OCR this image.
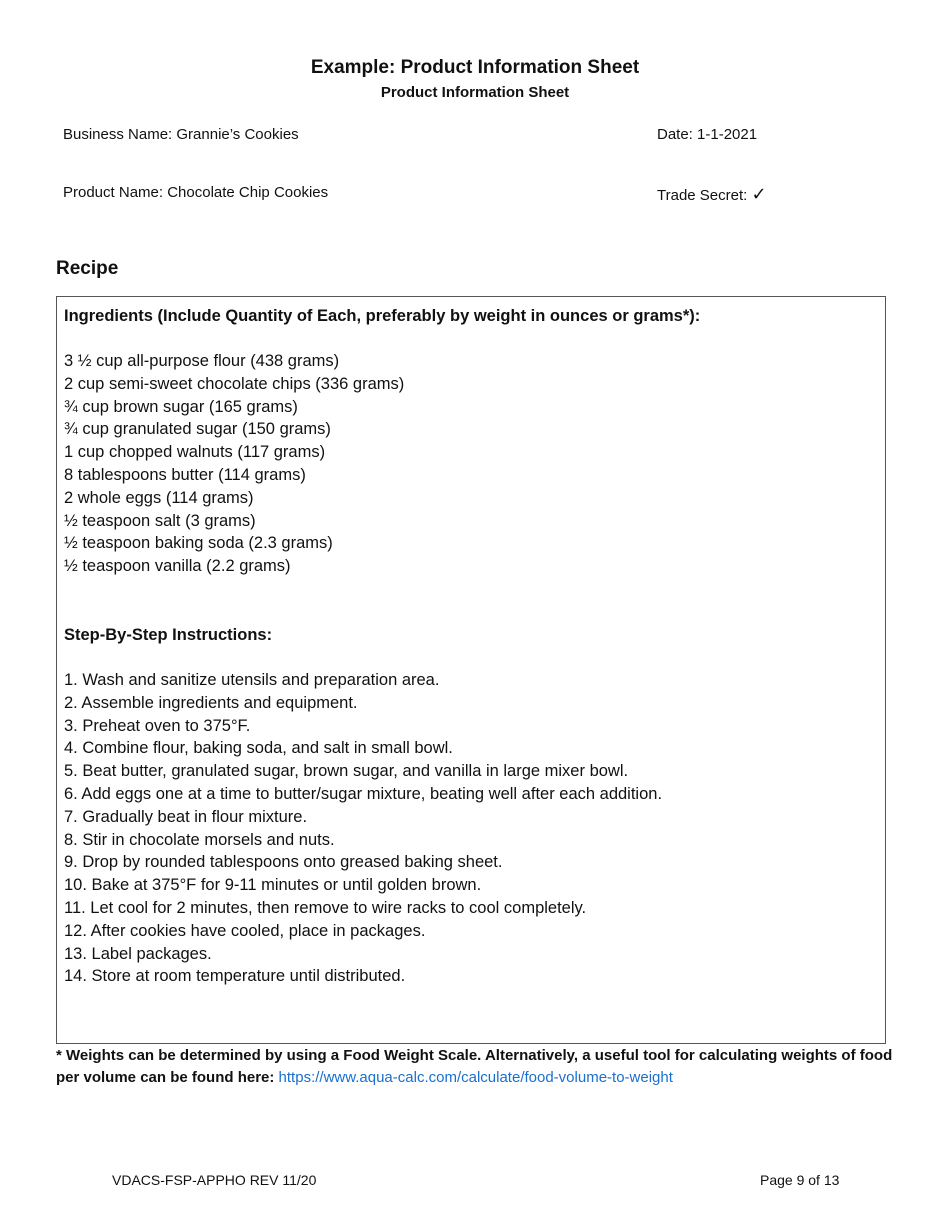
Example: Product Information Sheet
Product Information Sheet
Business Name: Grannie’s Cookies	Date: 1-1-2021
Product Name: Chocolate Chip Cookies	Trade Secret: ✓
Recipe
Ingredients (Include Quantity of Each, preferably by weight in ounces or grams*):
3 ½ cup all-purpose flour (438 grams)
2 cup semi-sweet chocolate chips (336 grams)
¾ cup brown sugar (165 grams)
¾ cup granulated sugar (150 grams)
1 cup chopped walnuts (117 grams)
8 tablespoons butter (114 grams)
2 whole eggs (114 grams)
½ teaspoon salt (3 grams)
½ teaspoon baking soda (2.3 grams)
½ teaspoon vanilla (2.2 grams)
Step-By-Step Instructions:
1. Wash and sanitize utensils and preparation area.
2. Assemble ingredients and equipment.
3. Preheat oven to 375°F.
4. Combine flour, baking soda, and salt in small bowl.
5. Beat butter, granulated sugar, brown sugar, and vanilla in large mixer bowl.
6. Add eggs one at a time to butter/sugar mixture, beating well after each addition.
7. Gradually beat in flour mixture.
8. Stir in chocolate morsels and nuts.
9. Drop by rounded tablespoons onto greased baking sheet.
10. Bake at 375°F for 9-11 minutes or until golden brown.
11. Let cool for 2 minutes, then remove to wire racks to cool completely.
12. After cookies have cooled, place in packages.
13. Label packages.
14. Store at room temperature until distributed.
* Weights can be determined by using a Food Weight Scale. Alternatively, a useful tool for calculating weights of food per volume can be found here: https://www.aqua-calc.com/calculate/food-volume-to-weight
VDACS-FSP-APPHO REV 11/20	Page 9 of 13
